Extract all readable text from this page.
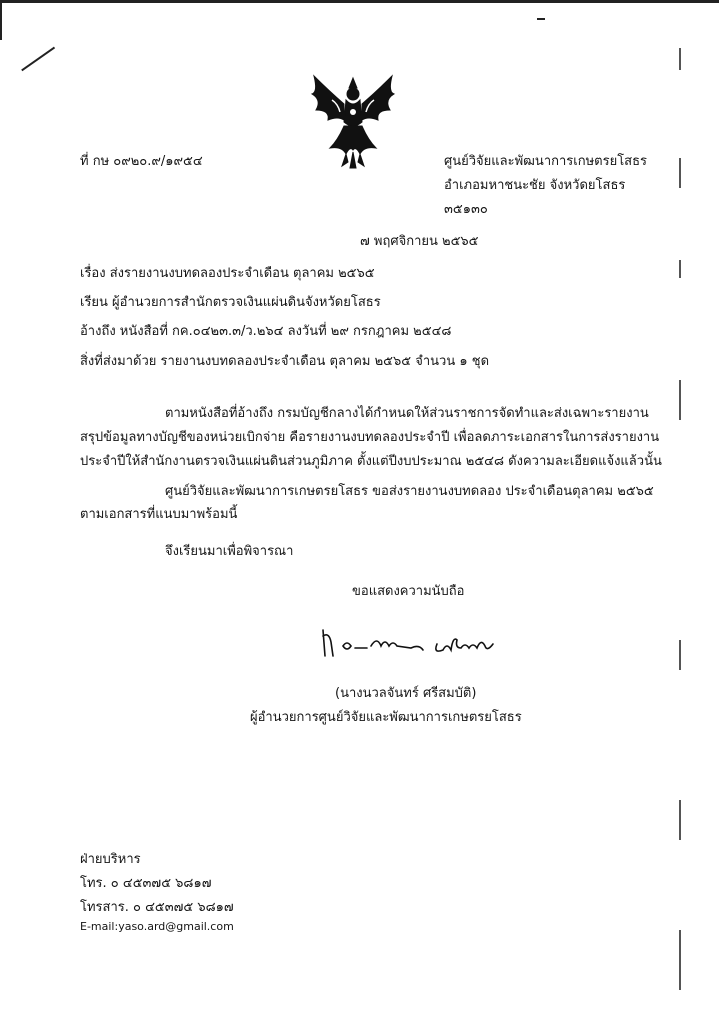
ที่ กษ ๐๙๒๐.๙/๑๙๕๔	ศูนย์วิจัยและพัฒนาการเกษตรยโสธร
อำเภอมหาชนะชัย จังหวัดยโสธร
๓๕๑๓๐
๗ พฤศจิกายน ๒๕๖๕
เรื่อง ส่งรายงานงบทดลองประจำเดือน ตุลาคม ๒๕๖๕
เรียน ผู้อำนวยการสำนักตรวจเงินแผ่นดินจังหวัดยโสธร
อ้างถึง หนังสือที่ กค.๐๔๒๓.๓/ว.๒๖๔ ลงวันที่ ๒๙ กรกฎาคม ๒๕๔๘
สิ่งที่ส่งมาด้วย รายงานงบทดลองประจำเดือน ตุลาคม ๒๕๖๕ จำนวน ๑ ชุด
ตามหนังสือที่อ้างถึง กรมบัญชีกลางได้กำหนดให้ส่วนราชการจัดทำและส่งเฉพาะรายงาน
สรุปข้อมูลทางบัญชีของหน่วยเบิกจ่าย คือรายงานงบทดลองประจำปี เพื่อลดภาระเอกสารในการส่งรายงาน
ประจำปีให้สำนักงานตรวจเงินแผ่นดินส่วนภูมิภาค ตั้งแต่ปีงบประมาณ ๒๕๔๘ ดังความละเอียดแจ้งแล้วนั้น
ศูนย์วิจัยและพัฒนาการเกษตรยโสธร ขอส่งรายงานงบทดลอง ประจำเดือนตุลาคม ๒๕๖๕
ตามเอกสารที่แนบมาพร้อมนี้
จึงเรียนมาเพื่อพิจารณา
ขอแสดงความนับถือ
(นางนวลจันทร์ ศรีสมบัติ)
ผู้อำนวยการศูนย์วิจัยและพัฒนาการเกษตรยโสธร
ฝ่ายบริหาร
โทร. ๐ ๔๕๓๗๕ ๖๘๑๗
โทรสาร. ๐ ๔๕๓๗๕ ๖๘๑๗
E-mail:yaso.ard@gmail.com
